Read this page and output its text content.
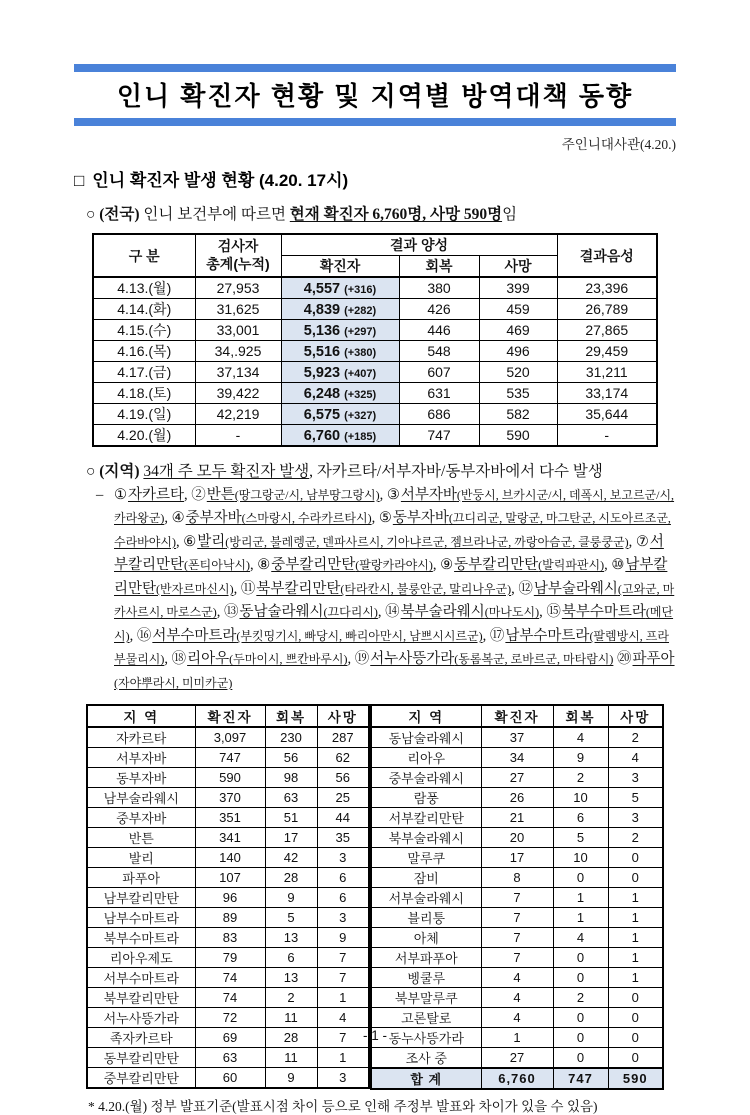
인니 확진자 현황 및 지역별 방역대책 동향
주인니대사관(4.20.)
□ 인니 확진자 발생 현황 (4.20. 17시)
○ (전국) 인니 보건부에 따르면 현재 확진자 6,760명, 사망 590명임
구 분	검사자
총계(누적)	결과 양성			결과음성
		확진자	회복	사망	
4.13.(월)	27,953	4,557 (+316)	380	399	23,396
4.14.(화)	31,625	4,839 (+282)	426	459	26,789
4.15.(수)	33,001	5,136 (+297)	446	469	27,865
4.16.(목)	34,.925	5,516 (+380)	548	496	29,459
4.17.(금)	37,134	5,923 (+407)	607	520	31,211
4.18.(토)	39,422	6,248 (+325)	631	535	33,174
4.19.(일)	42,219	6,575 (+327)	686	582	35,644
4.20.(월)	-	6,760 (+185)	747	590	-
○ (지역) 34개 주 모두 확진자 발생, 자카르타/서부자바/동부자바에서 다수 발생
– ①자카르타, ②반튼(땅그랑군/시, 남부땅그랑시), ③서부자바(반둥시, 브카시군/시, 데폭시, 보고르군/시, 카라왕군), ④중부자바(스마랑시, 수라카르타시), ⑤동부자바(끄디리군, 말랑군, 마그탄군, 시도아르조군, 수라바야시), ⑥발리(방리군, 불레렝군, 덴파사르시, 기아냐르군, 젬브라나군, 까랑아슴군, 클룽쿵군), ⑦서부칼리만탄(폰티아낙시), ⑧중부칼리만탄(팔랑카라야시), ⑨동부칼리만탄(발릭파판시), ⑩남부칼리만탄(반자르마신시), ⑪북부칼리만탄(타라칸시, 불룽안군, 말리나우군), ⑫남부술라웨시(고와군, 마카사르시, 마로스군), ⑬동남술라웨시(끄다리시), ⑭북부술라웨시(마나도시), ⑮북부수마트라(메단시), ⑯서부수마트라(부킷띵기시, 빠당시, 빠리아만시, 남쁘시시르군), ⑰남부수마트라(팔렘방시, 프라부물리시), ⑱리아우(두마이시, 쁘칸바루시), ⑲서누사뜽가라(동롬복군, 로바르군, 마타람시) ⑳파푸아(자야뿌라시, 미미카군)
지 역	확진자	회복	사망
자카르타	3,097	230	287
서부자바	747	56	62
동부자바	590	98	56
남부술라웨시	370	63	25
중부자바	351	51	44
반튼	341	17	35
발리	140	42	3
파푸아	107	28	6
남부칼리만탄	96	9	6
남부수마트라	89	5	3
북부수마트라	83	13	9
리아우제도	79	6	7
서부수마트라	74	13	7
북부칼리만탄	74	2	1
서누사뜽가라	72	11	4
족자카르타	69	28	7
동부칼리만탄	63	11	1
중부칼리만탄	60	9	3
지 역	확진자	회복	사망
동남술라웨시	37	4	2
리아우	34	9	4
중부술라웨시	27	2	3
람풍	26	10	5
서부칼리만탄	21	6	3
북부술라웨시	20	5	2
말루쿠	17	10	0
잠비	8	0	0
서부술라웨시	7	1	1
블리퉁	7	1	1
아체	7	4	1
서부파푸아	7	0	1
벵쿨루	4	0	1
북부말루쿠	4	2	0
고론탈로	4	0	0
동누사뜽가라	1	0	0
조사 중	27	0	0
합 계	6,760	747	590
* 4.20.(월) 정부 발표기준(발표시점 차이 등으로 인해 주정부 발표와 차이가 있을 수 있음)
- 1 -
